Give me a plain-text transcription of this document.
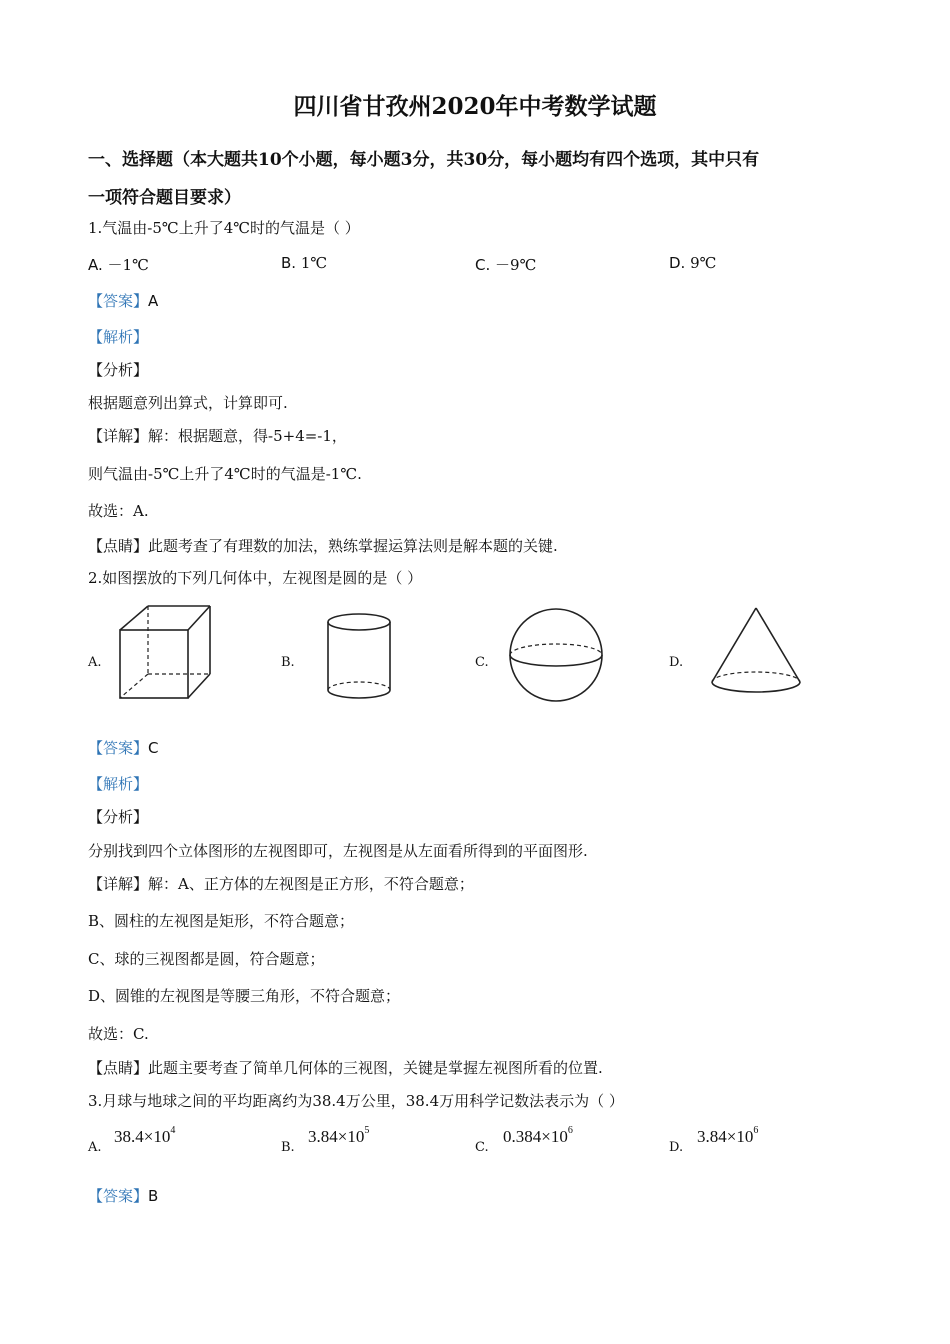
四川省甘孜州2020年中考数学试题
一、选择题（本大题共10个小题，每小题3分，共30分，每小题均有四个选项，其中只有
一项符合题目要求）
1.气温由-5℃上升了4℃时的气温是（ ）
A. －1℃	B. 1℃	C. －9℃	D. 9℃
【答案】A
【解析】
【分析】
根据题意列出算式，计算即可.
【详解】解：根据题意，得-5+4=-1，
则气温由-5℃上升了4℃时的气温是-1℃.
故选：A.
【点睛】此题考查了有理数的加法，熟练掌握运算法则是解本题的关键.
2.如图摆放的下列几何体中，左视图是圆的是（ ）
A.	B.	C.	D.
【答案】C
【解析】
【分析】
分别找到四个立体图形的左视图即可，左视图是从左面看所得到的平面图形.
【详解】解：A、正方体的左视图是正方形，不符合题意；
B、圆柱的左视图是矩形，不符合题意；
C、球的三视图都是圆，符合题意；
D、圆锥的左视图是等腰三角形，不符合题意；
故选：C.
【点睛】此题主要考查了简单几何体的三视图，关键是掌握左视图所看的位置.
3.月球与地球之间的平均距离约为38.4万公里，38.4万用科学记数法表示为（ ）
A.
$38.4\times 10^4$
B.
$3.84\times 10^5$
C.
$0.384\times 10^6$
D.
$3.84\times 10^6$
【答案】B
